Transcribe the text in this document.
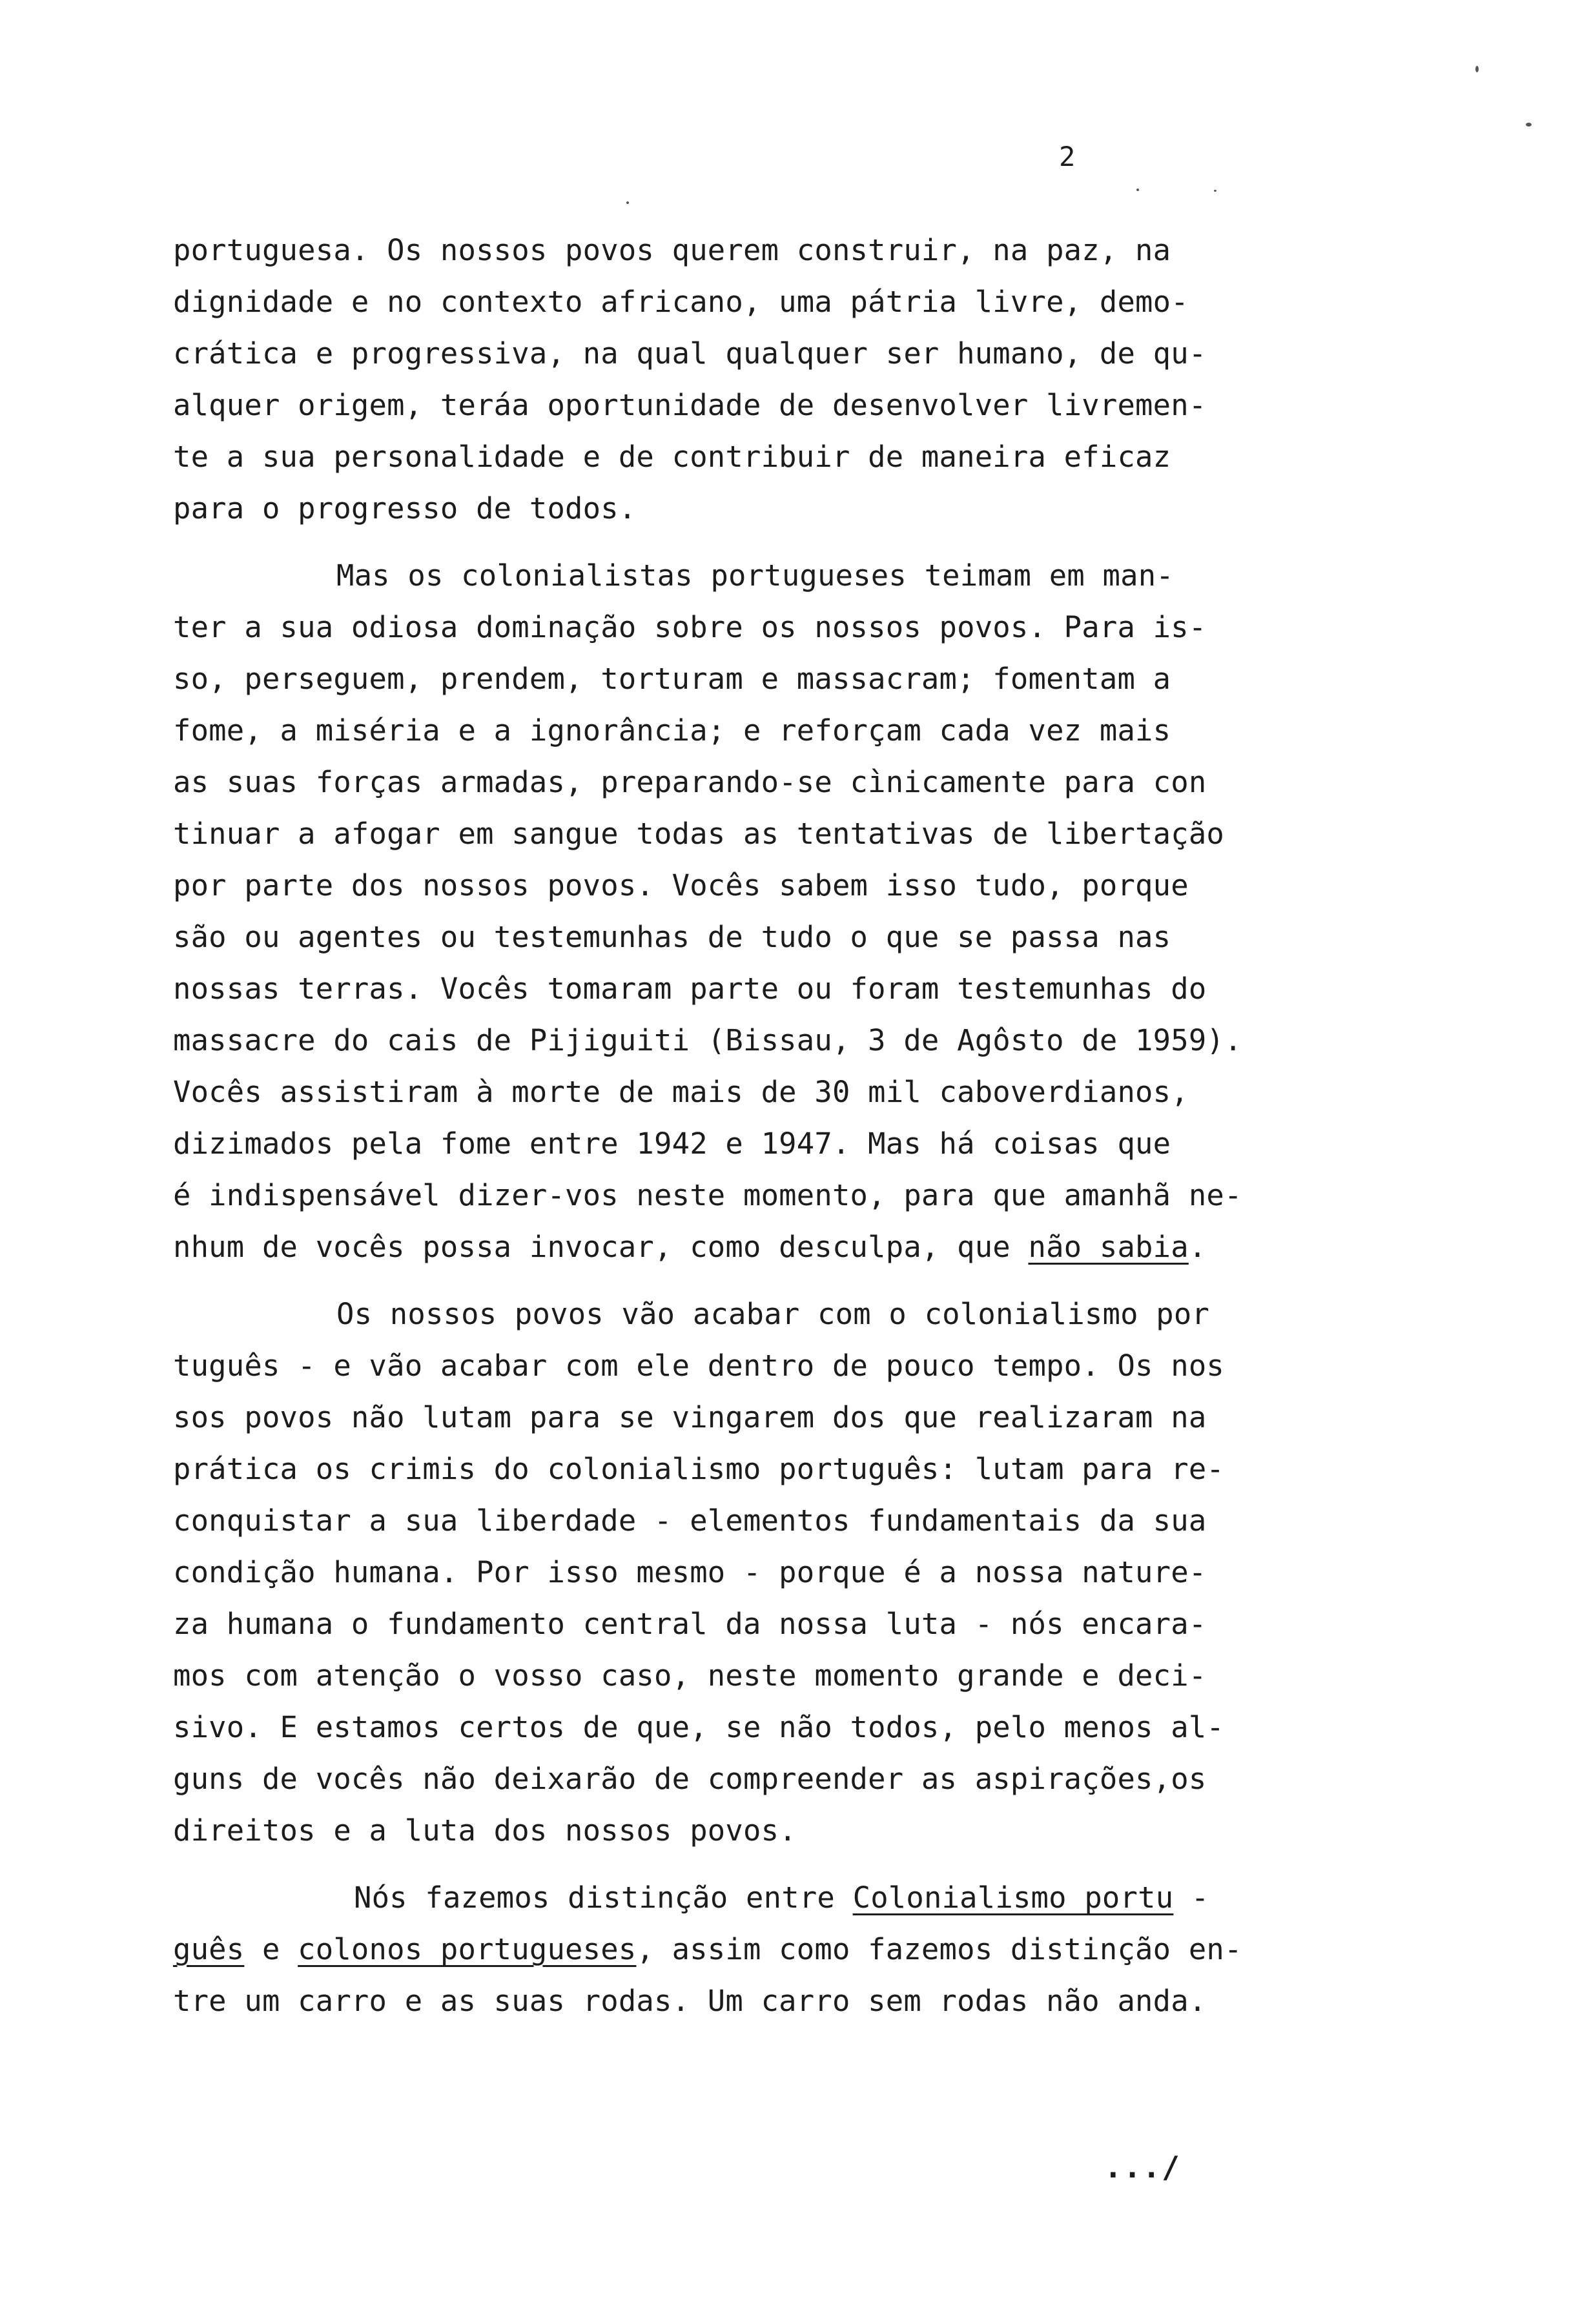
2
portuguesa. Os nossos povos querem construir, na paz, na
dignidade e no contexto africano, uma pátria livre, demo-
crática e progressiva, na qual qualquer ser humano, de qu-
alquer origem, teráa oportunidade de desenvolver livremen-
te a sua personalidade e de contribuir de maneira eficaz
para o progresso de todos.
Mas os colonialistas portugueses teimam em man-
ter a sua odiosa dominação sobre os nossos povos. Para is-
so, perseguem, prendem, torturam e massacram; fomentam a
fome, a miséria e a ignorância; e reforçam cada vez mais
as suas forças armadas, preparando-se cìnicamente para con
tinuar a afogar em sangue todas as tentativas de libertação
por parte dos nossos povos. Vocês sabem isso tudo, porque
são ou agentes ou testemunhas de tudo o que se passa nas
nossas terras. Vocês tomaram parte ou foram testemunhas do
massacre do cais de Pijiguiti (Bissau, 3 de Agôsto de 1959).
Vocês assistiram à morte de mais de 30 mil caboverdianos,
dizimados pela fome entre 1942 e 1947. Mas há coisas que
é indispensável dizer-vos neste momento, para que amanhã ne-
nhum de vocês possa invocar, como desculpa, que não sabia.
Os nossos povos vão acabar com o colonialismo por
tuguês - e vão acabar com ele dentro de pouco tempo. Os nos
sos povos não lutam para se vingarem dos que realizaram na
prática os crimis do colonialismo português: lutam para re-
conquistar a sua liberdade - elementos fundamentais da sua
condição humana. Por isso mesmo - porque é a nossa nature-
za humana o fundamento central da nossa luta - nós encara-
mos com atenção o vosso caso, neste momento grande e deci-
sivo. E estamos certos de que, se não todos, pelo menos al-
guns de vocês não deixarão de compreender as aspirações,os
direitos e a luta dos nossos povos.
Nós fazemos distinção entre Colonialismo portu -
guês e colonos portugueses, assim como fazemos distinção en-
tre um carro e as suas rodas. Um carro sem rodas não anda.
.../
